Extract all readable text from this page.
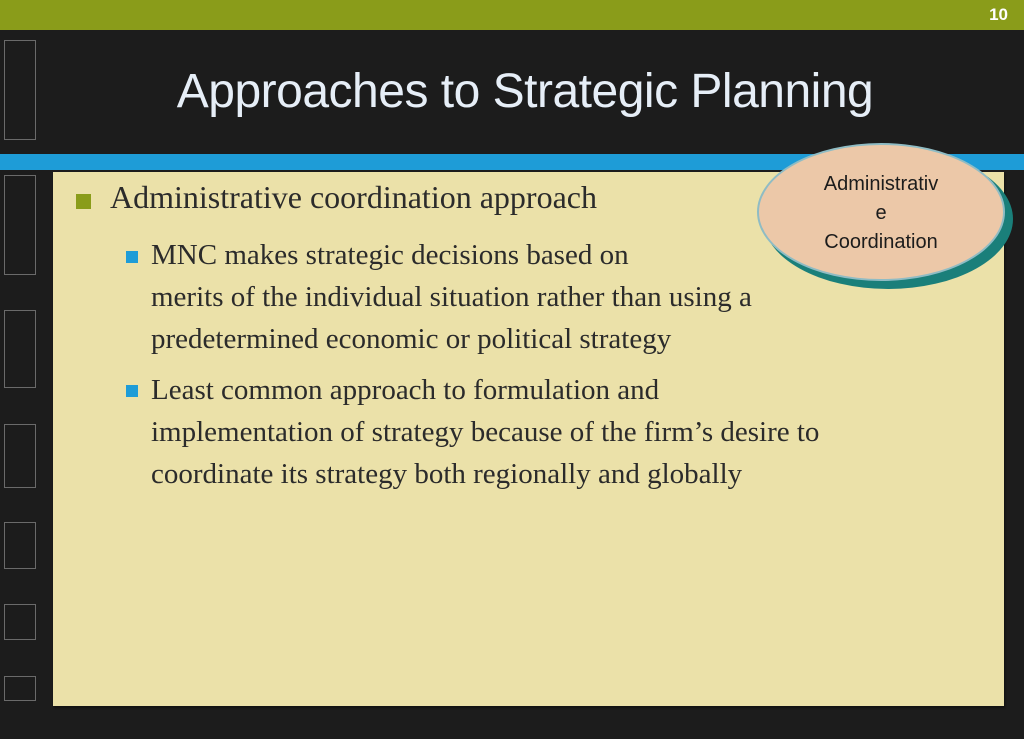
10
Approaches to Strategic Planning
Administrative coordination approach
MNC makes strategic decisions based on
merits of the individual situation rather than using a
predetermined economic or political strategy
Least common approach to formulation and
implementation of strategy because of the firm’s desire to
coordinate its strategy both regionally and globally
Administrativ
e
Coordination
